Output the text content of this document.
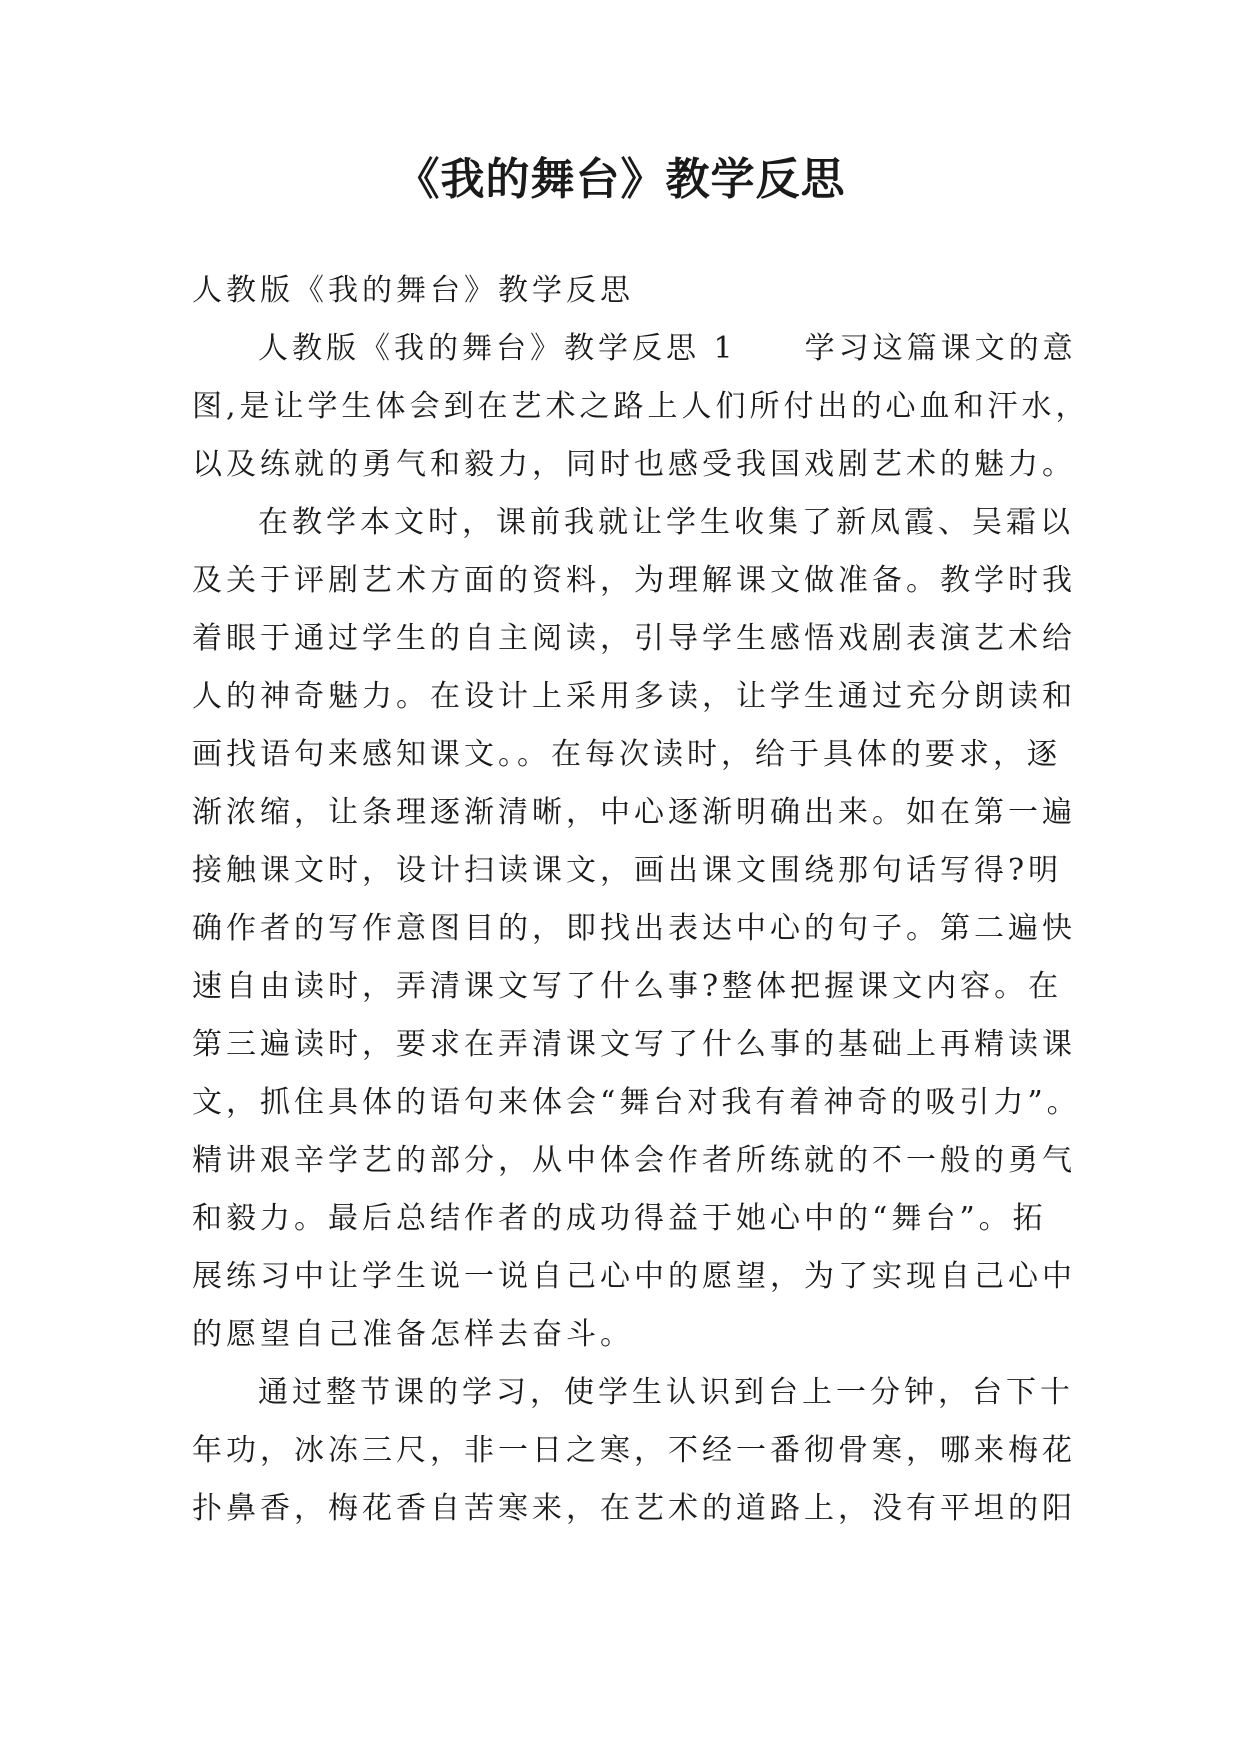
《我的舞台》教学反思
人教版《我的舞台》教学反思
人教版《我的舞台》教学反思 1　　学习这篇课文的意
图,是让学生体会到在艺术之路上人们所付出的心血和汗水，
以及练就的勇气和毅力，同时也感受我国戏剧艺术的魅力。
在教学本文时，课前我就让学生收集了新凤霞、吴霜以
及关于评剧艺术方面的资料，为理解课文做准备。教学时我
着眼于通过学生的自主阅读，引导学生感悟戏剧表演艺术给
人的神奇魅力。在设计上采用多读，让学生通过充分朗读和
画找语句来感知课文。。在每次读时，给于具体的要求，逐
渐浓缩，让条理逐渐清晰，中心逐渐明确出来。如在第一遍
接触课文时，设计扫读课文，画出课文围绕那句话写得?明
确作者的写作意图目的，即找出表达中心的句子。第二遍快
速自由读时，弄清课文写了什么事?整体把握课文内容。在
第三遍读时，要求在弄清课文写了什么事的基础上再精读课
文，抓住具体的语句来体会“舞台对我有着神奇的吸引力”。
精讲艰辛学艺的部分，从中体会作者所练就的不一般的勇气
和毅力。最后总结作者的成功得益于她心中的“舞台”。拓
展练习中让学生说一说自己心中的愿望，为了实现自己心中
的愿望自己准备怎样去奋斗。
通过整节课的学习，使学生认识到台上一分钟，台下十
年功，冰冻三尺，非一日之寒，不经一番彻骨寒，哪来梅花
扑鼻香，梅花香自苦寒来，在艺术的道路上，没有平坦的阳
